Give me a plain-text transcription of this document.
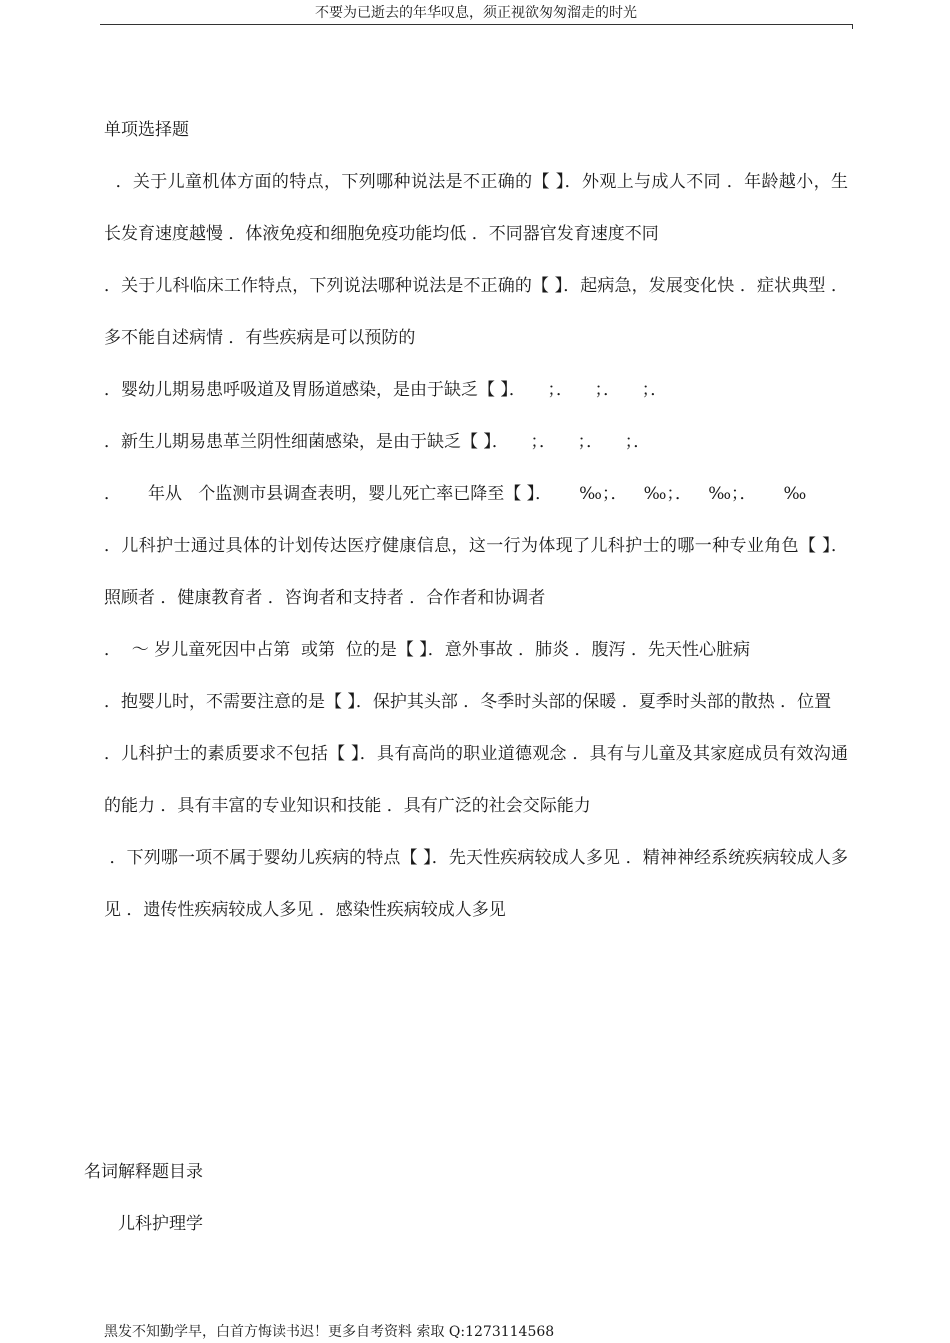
不要为已逝去的年华叹息，须正视欲匆匆溜走的时光
单项选择题

．关于儿童机体方面的特点，下列哪种说法是不正确的【 】．外观上与成人不同 ．年龄越小，生长发育速度越慢 ．体液免疫和细胞免疫功能均低 ．不同器官发育速度不同

．关于儿科临床工作特点，下列说法哪种说法是不正确的【 】．起病急，发展变化快 ．症状典型 ．多不能自述病情 ．有些疾病是可以预防的

．婴幼儿期易患呼吸道及胃肠道感染，是由于缺乏【 】．    ；．    ；．    ；．

．新生儿期易患革兰阴性细菌感染，是由于缺乏【 】．    ；．    ；．    ；．

．     年从   个监测市县调查表明，婴儿死亡率已降至【 】．     ‰；．   ‰；．   ‰；．     ‰

．儿科护士通过具体的计划传达医疗健康信息，这一行为体现了儿科护士的哪一种专业角色【 】．照顾者 ．健康教育者 ．咨询者和支持者 ．合作者和协调者

．  ～ 岁儿童死因中占第  或第  位的是【 】．意外事故 ．肺炎 ．腹泻 ．先天性心脏病

．抱婴儿时，不需要注意的是【 】．保护其头部 ．冬季时头部的保暖 ．夏季时头部的散热 ．位置

．儿科护士的素质要求不包括【 】．具有高尚的职业道德观念 ．具有与儿童及其家庭成员有效沟通的能力 ．具有丰富的专业知识和技能 ．具有广泛的社会交际能力

．下列哪一项不属于婴幼儿疾病的特点【 】．先天性疾病较成人多见 ．精神神经系统疾病较成人多见 ．遗传性疾病较成人多见 ．感染性疾病较成人多见

名词解释题目录
儿科护理学
黑发不知勤学早，白首方悔读书迟！更多自考资料 索取 Q:1273114568
